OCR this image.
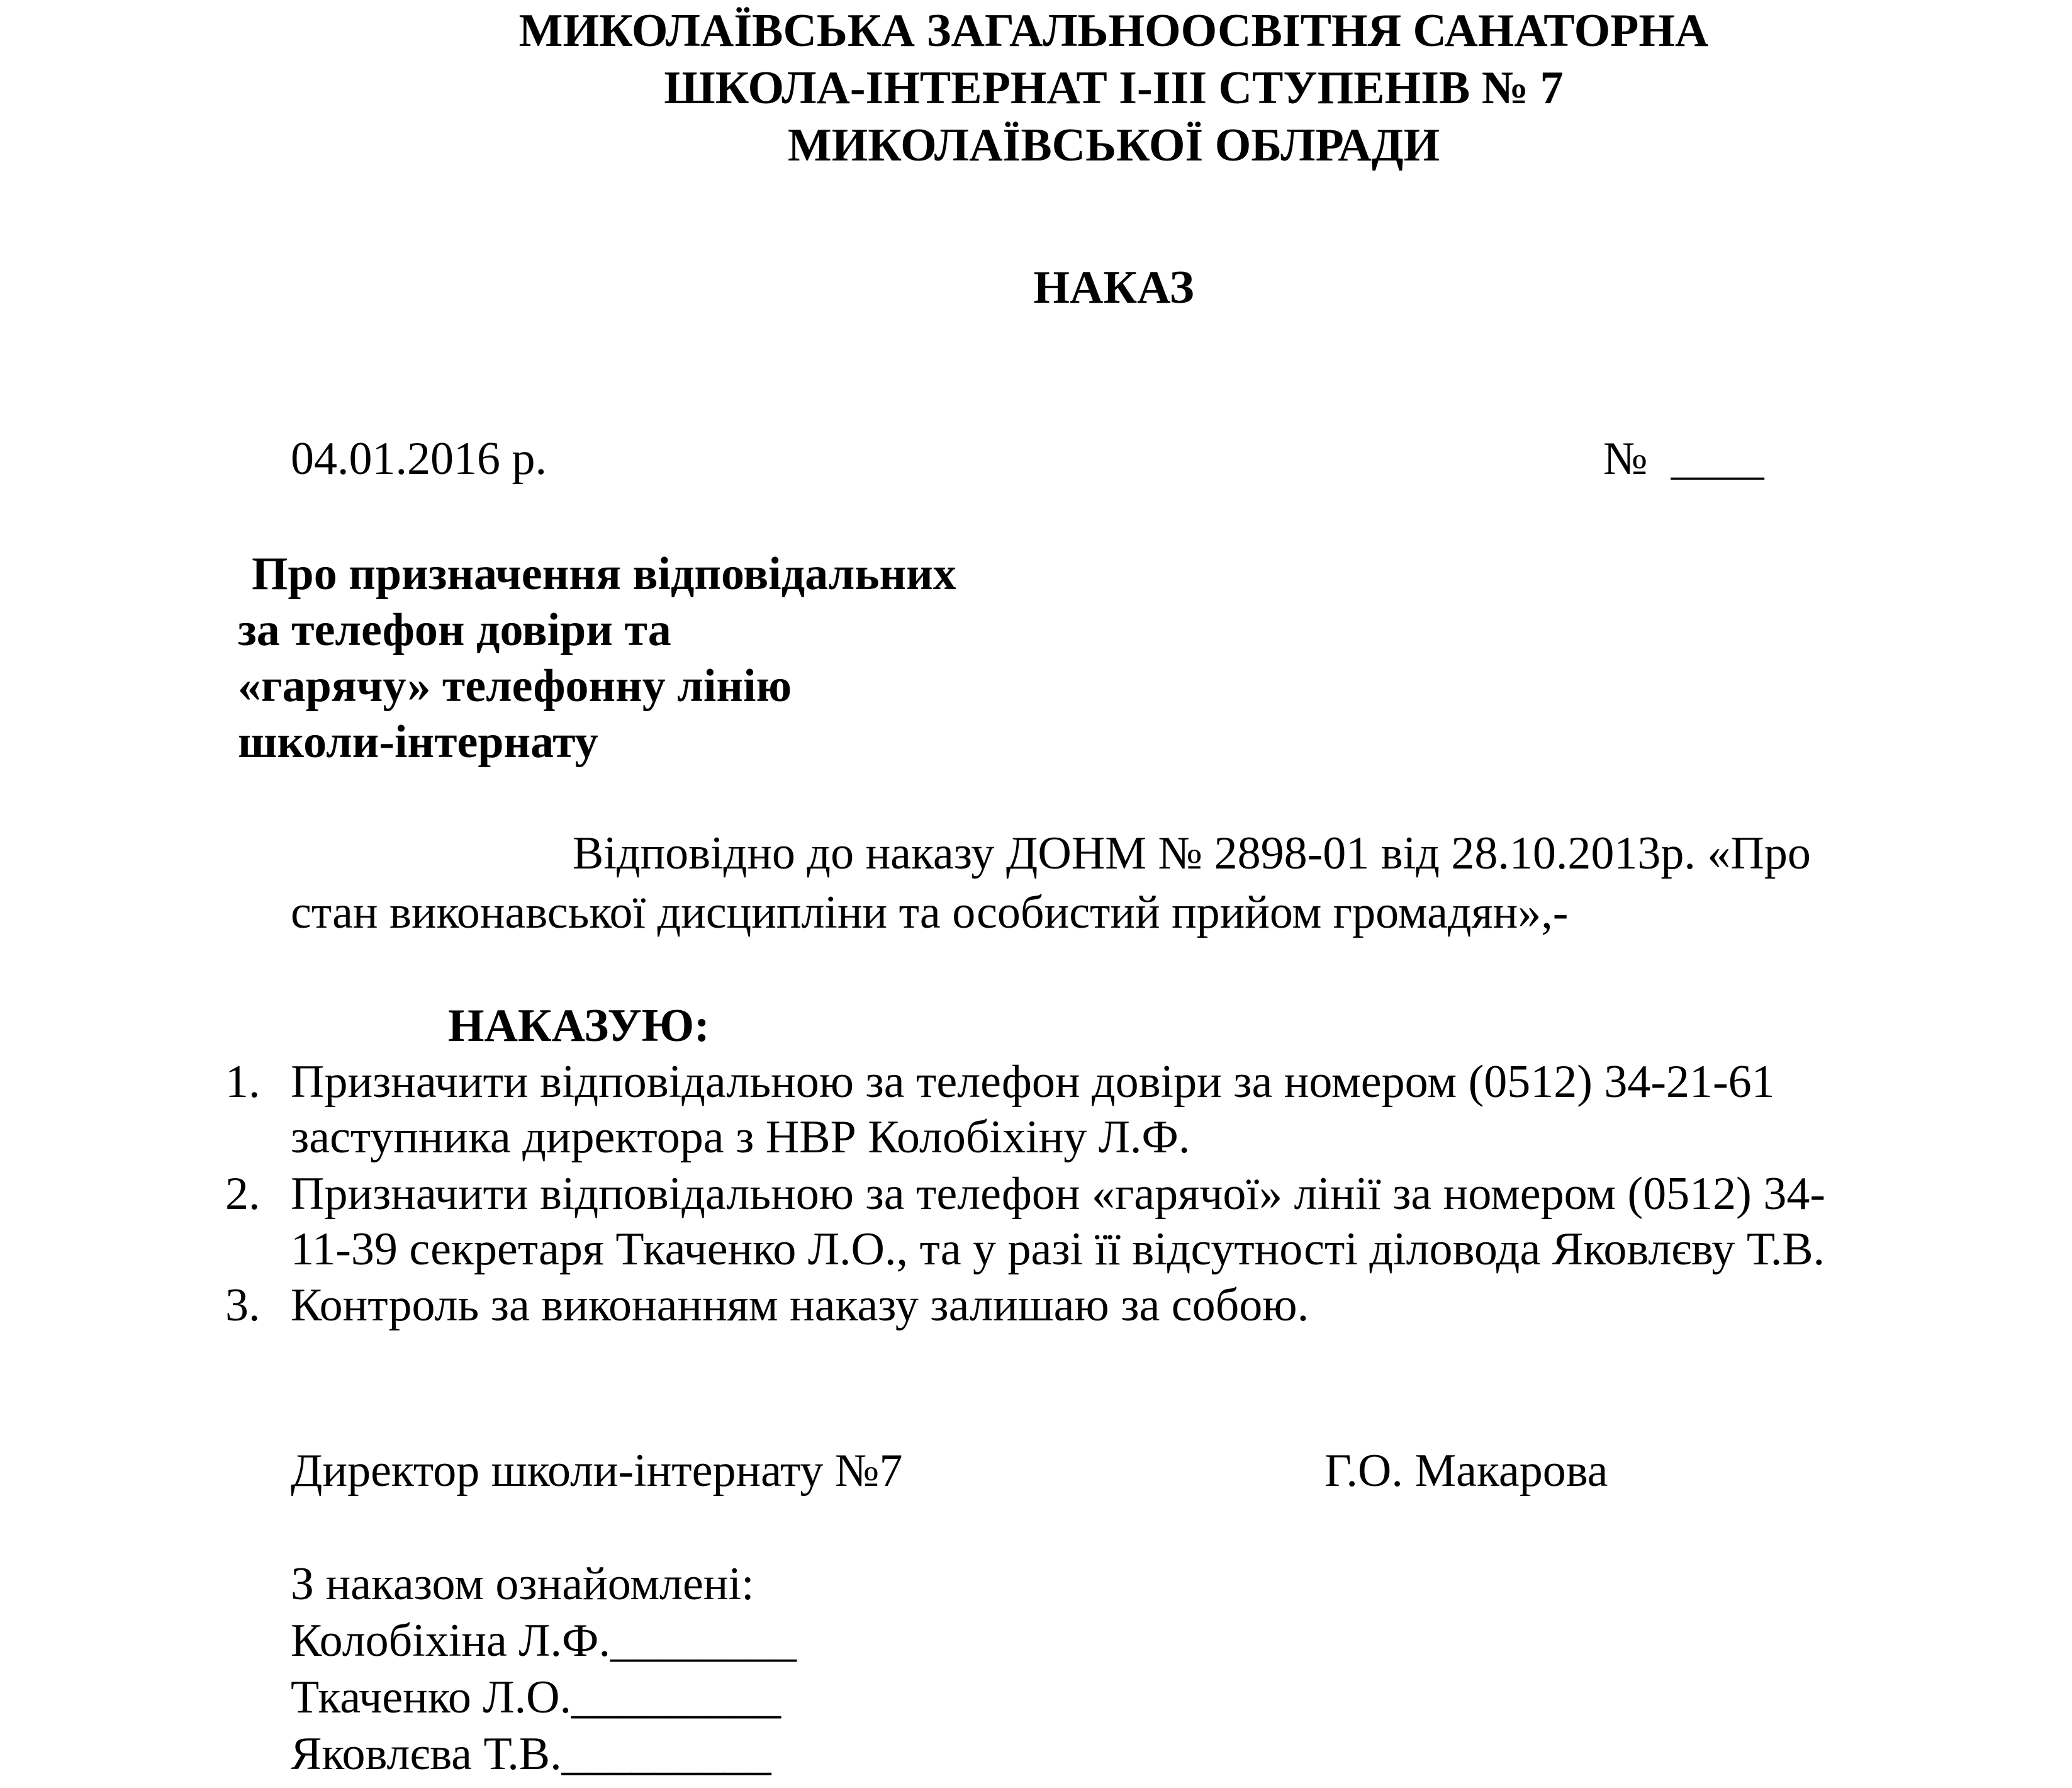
МИКОЛАЇВСЬКА ЗАГАЛЬНООСВІТНЯ САНАТОРНА
ШКОЛА-ІНТЕРНАТ І-ІІІ СТУПЕНІВ № 7
МИКОЛАЇВСЬКОЇ ОБЛРАДИ
НАКАЗ
04.01.2016 р.	№  ____
Про призначення відповідальних
за телефон довіри та
«гарячу» телефонну лінію
школи-інтернату
Відповідно до наказу ДОНМ № 2898-01 від 28.10.2013р. «Про
стан виконавської дисципліни та особистий прийом громадян»,-
НАКАЗУЮ:
1. Призначити відповідальною за телефон довіри за номером (0512) 34-21-61
заступника директора з НВР Колобіхіну Л.Ф.
2. Призначити відповідальною за телефон «гарячої» лінії за номером (0512) 34-
11-39 секретаря Ткаченко Л.О., та у разі її відсутності діловода Яковлєву Т.В.
3. Контроль за виконанням наказу залишаю за собою.
Директор школи-інтернату №7	Г.О. Макарова
З наказом ознайомлені:
Колобіхіна Л.Ф.________
Ткаченко Л.О._________
Яковлєва Т.В._________
